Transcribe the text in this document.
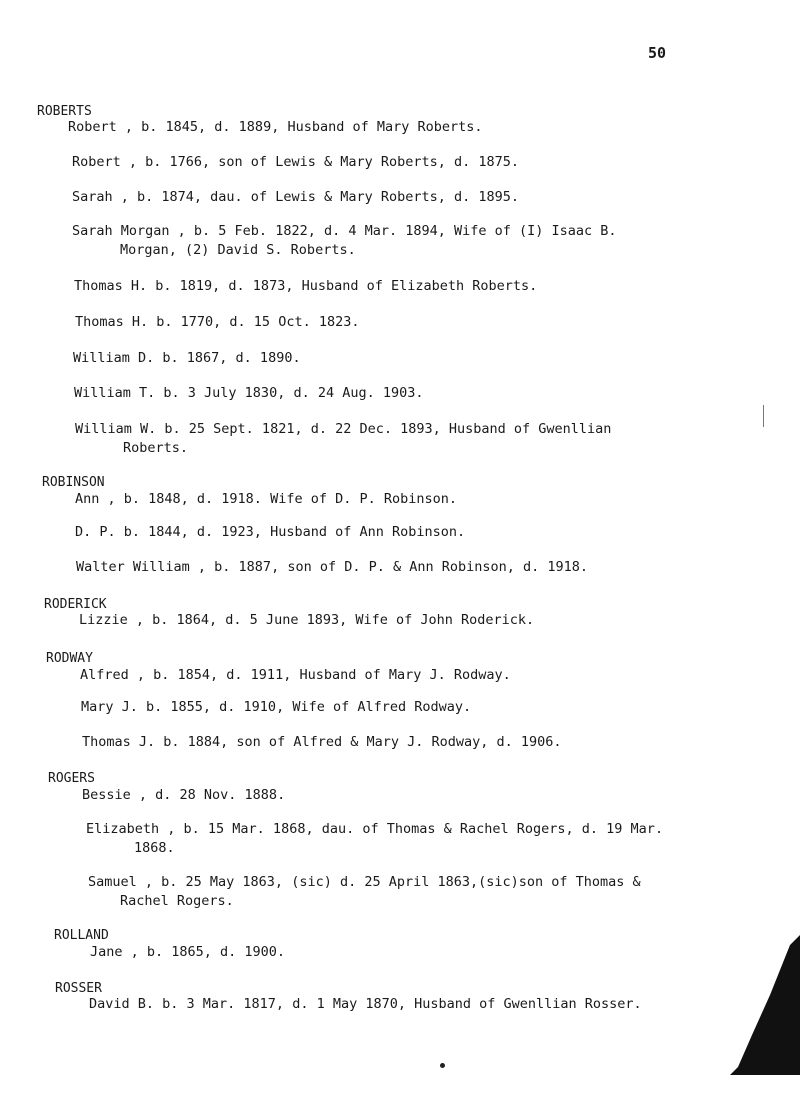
50
ROBERTS
Robert , b. 1845, d. 1889, Husband of Mary Roberts.
Robert , b. 1766, son of Lewis & Mary Roberts, d. 1875.
Sarah , b. 1874, dau. of Lewis & Mary Roberts, d. 1895.
Sarah Morgan , b. 5 Feb. 1822, d. 4 Mar. 1894, Wife of (I) Isaac B.
Morgan, (2) David S. Roberts.
Thomas H. b. 1819, d. 1873, Husband of Elizabeth Roberts.
Thomas H. b. 1770, d. 15 Oct. 1823.
William D. b. 1867, d. 1890.
William T. b. 3 July 1830, d. 24 Aug. 1903.
William W. b. 25 Sept. 1821, d. 22 Dec. 1893, Husband of Gwenllian
Roberts.
ROBINSON
Ann , b. 1848, d. 1918. Wife of D. P. Robinson.
D. P. b. 1844, d. 1923, Husband of Ann Robinson.
Walter William , b. 1887, son of D. P. & Ann Robinson, d. 1918.
RODERICK
Lizzie , b. 1864, d. 5 June 1893, Wife of John Roderick.
RODWAY
Alfred , b. 1854, d. 1911, Husband of Mary J. Rodway.
Mary J. b. 1855, d. 1910, Wife of Alfred Rodway.
Thomas J. b. 1884, son of Alfred & Mary J. Rodway, d. 1906.
ROGERS
Bessie , d. 28 Nov. 1888.
Elizabeth , b. 15 Mar. 1868, dau. of Thomas & Rachel Rogers, d. 19 Mar.
1868.
Samuel , b. 25 May 1863, (sic) d. 25 April 1863,(sic)son of Thomas &
Rachel Rogers.
ROLLAND
Jane , b. 1865, d. 1900.
ROSSER
David B. b. 3 Mar. 1817, d. 1 May 1870, Husband of Gwenllian Rosser.
